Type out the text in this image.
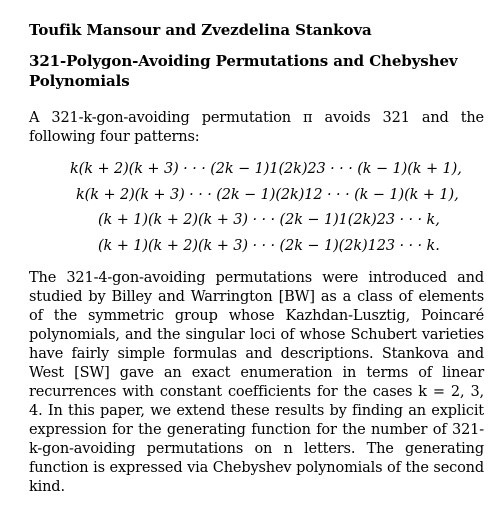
Toufik Mansour and Zvezdelina Stankova

321-Polygon-Avoiding Permutations and Chebyshev Polynomials

A 321-k-gon-avoiding permutation π avoids 321 and the following four patterns:

k(k + 2)(k + 3) · · · (2k − 1)1(2k)23 · · · (k − 1)(k + 1),
k(k + 2)(k + 3) · · · (2k − 1)(2k)12 · · · (k − 1)(k + 1),
(k + 1)(k + 2)(k + 3) · · · (2k − 1)1(2k)23 · · · k,
(k + 1)(k + 2)(k + 3) · · · (2k − 1)(2k)123 · · · k.

The 321-4-gon-avoiding permutations were introduced and studied by Billey and Warrington [BW] as a class of elements of the symmetric group whose Kazhdan-Lusztig, Poincaré polynomials, and the singular loci of whose Schubert varieties have fairly simple formulas and descriptions. Stankova and West [SW] gave an exact enumeration in terms of linear recurrences with constant coefficients for the cases k = 2, 3, 4. In this paper, we extend these results by finding an explicit expression for the generating function for the number of 321-k-gon-avoiding permutations on n letters. The generating function is expressed via Chebyshev polynomials of the second kind.
